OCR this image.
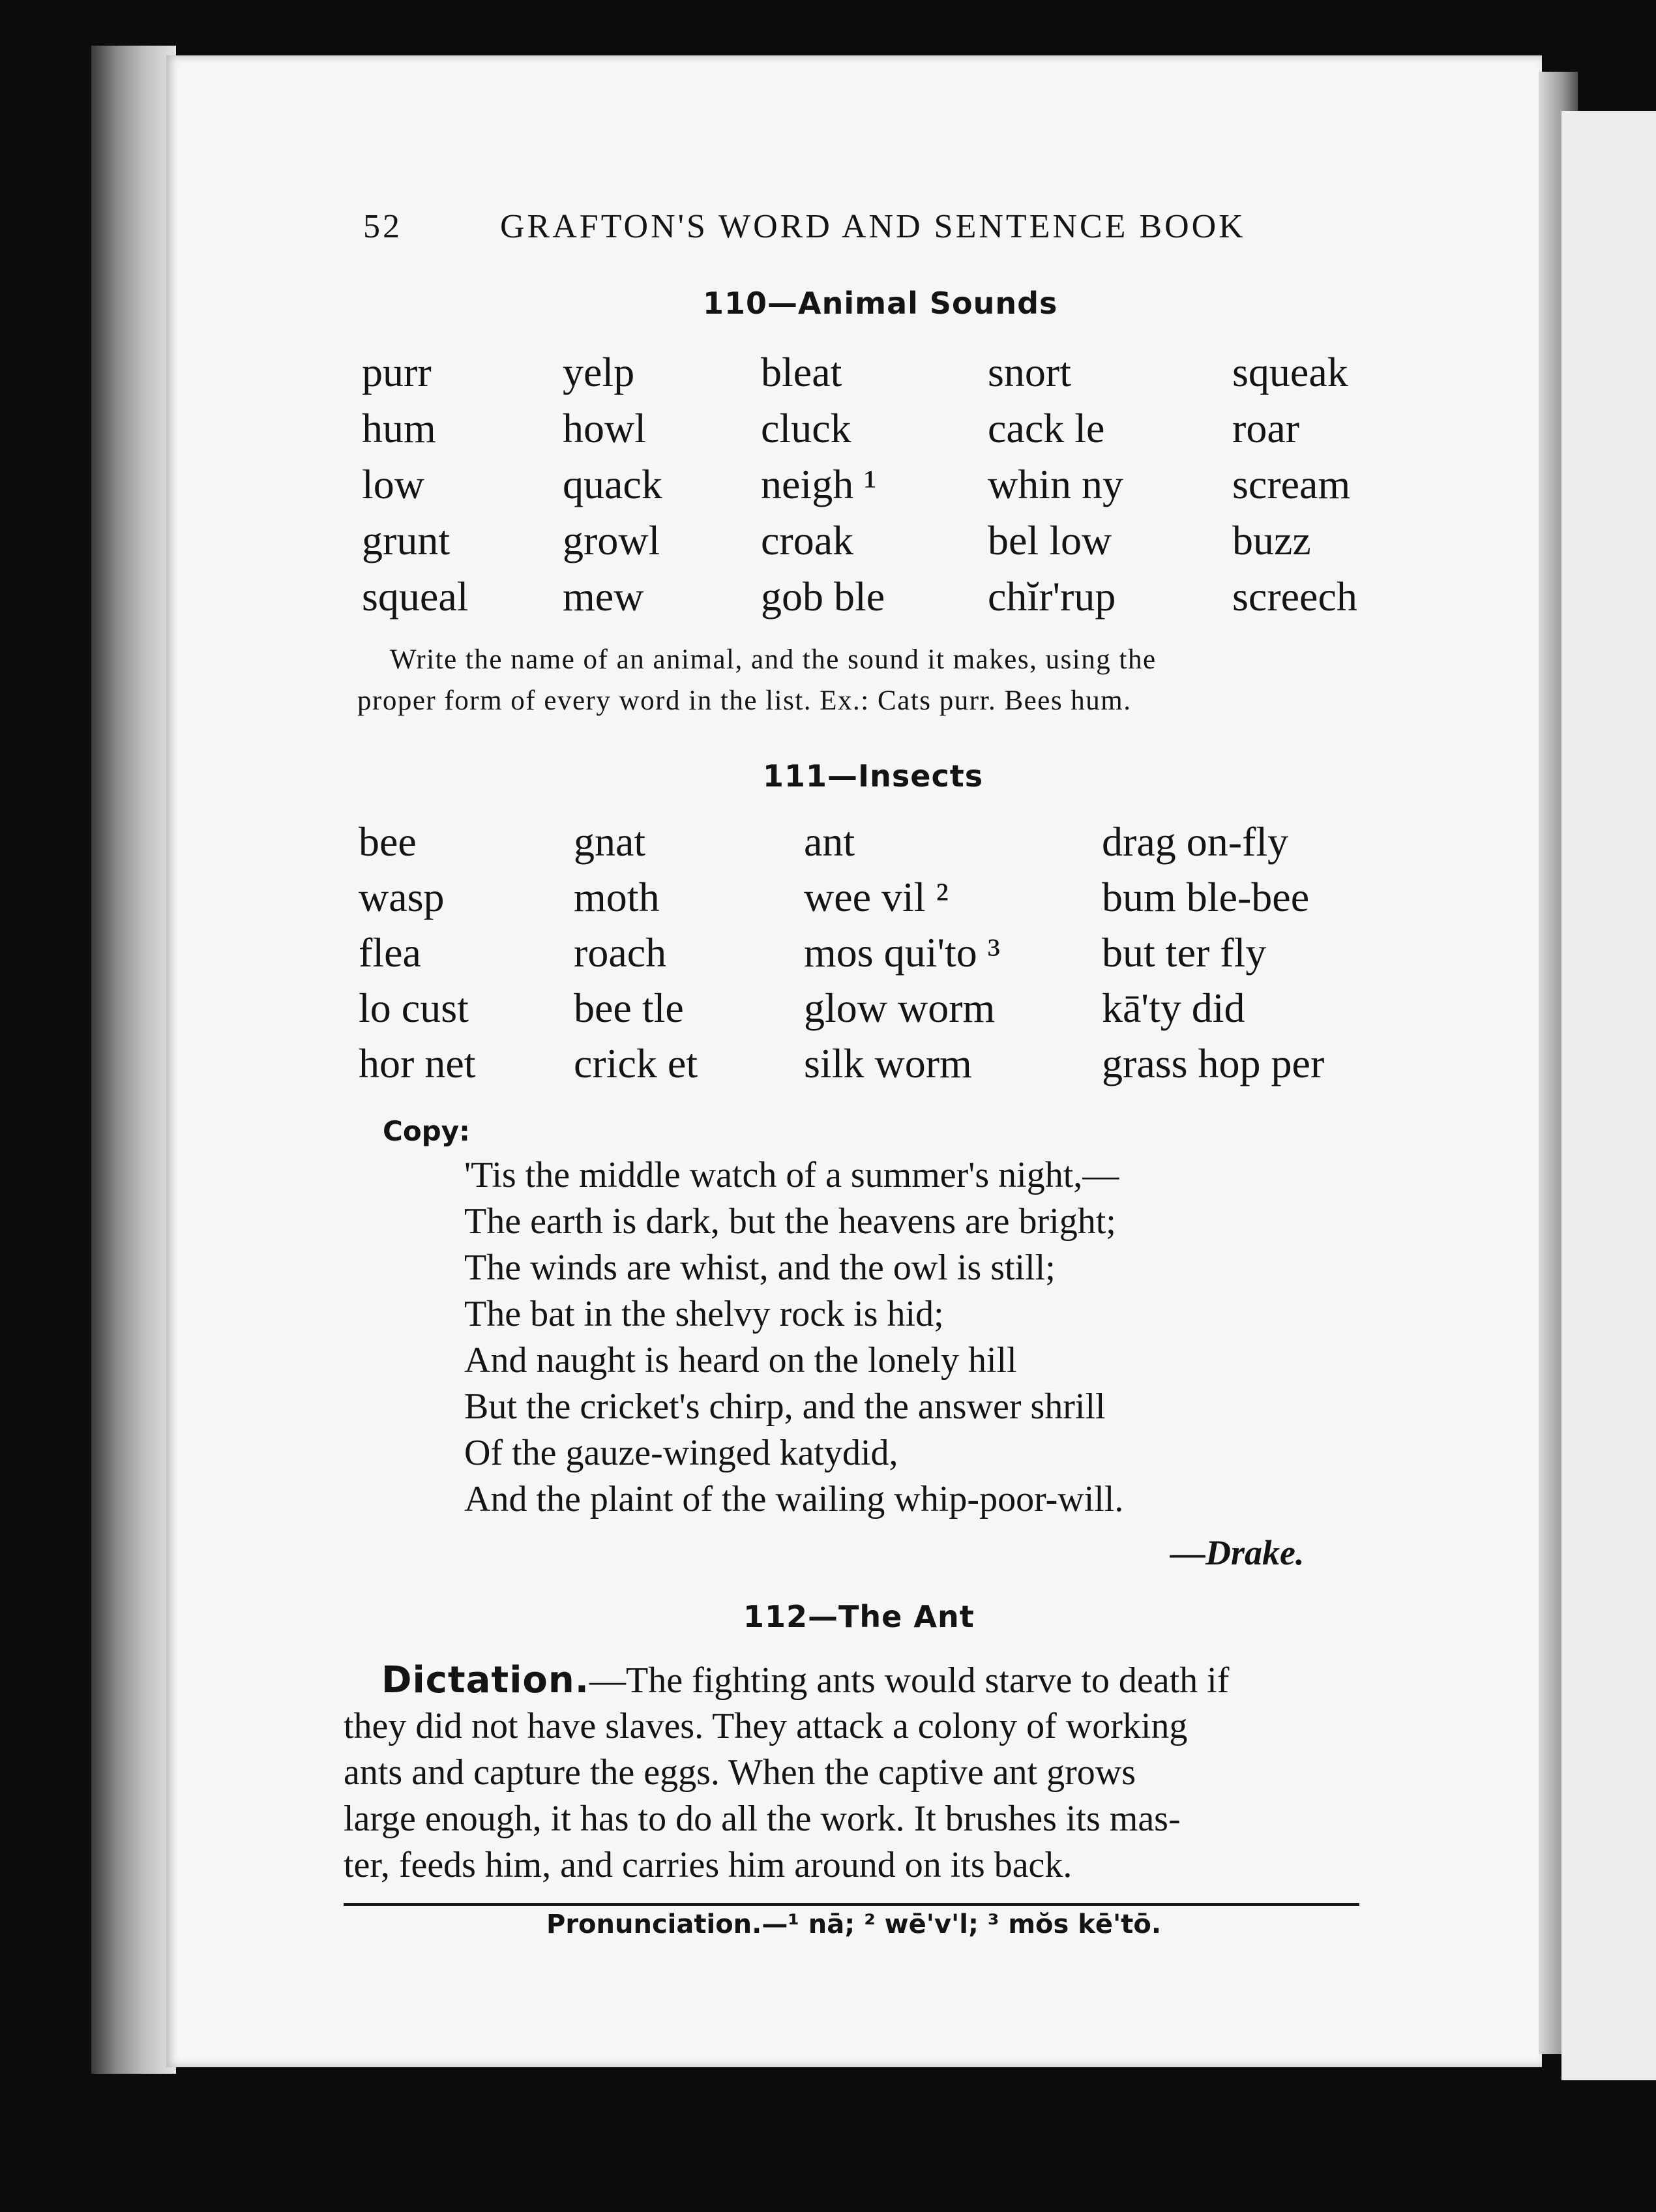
52	GRAFTON'S WORD AND SENTENCE BOOK
110—Animal Sounds
purr
hum
low
grunt
squeal
yelp
howl
quack
growl
mew
bleat
cluck
neigh ¹
croak
gob ble
snort
cack le
whin ny
bel low
chĭr'rup
squeak
roar
scream
buzz
screech
Write the name of an animal, and the sound it makes, using the
proper form of every word in the list. Ex.: Cats purr. Bees hum.
111—Insects
bee
wasp
flea
lo cust
hor net
gnat
moth
roach
bee tle
crick et
ant
wee vil ²
mos qui'to ³
glow worm
silk worm
drag on-fly
bum ble-bee
but ter fly
kā'ty did
grass hop per
Copy:
'Tis the middle watch of a summer's night,—
The earth is dark, but the heavens are bright;
The winds are whist, and the owl is still;
The bat in the shelvy rock is hid;
And naught is heard on the lonely hill
But the cricket's chirp, and the answer shrill
Of the gauze-winged katydid,
And the plaint of the wailing whip-poor-will.
—Drake.
112—The Ant
Dictation.—The fighting ants would starve to death if
they did not have slaves. They attack a colony of working
ants and capture the eggs. When the captive ant grows
large enough, it has to do all the work. It brushes its mas-
ter, feeds him, and carries him around on its back.
Pronunciation.—¹ nā; ² wē'v'l; ³ mŏs kē'tō.
